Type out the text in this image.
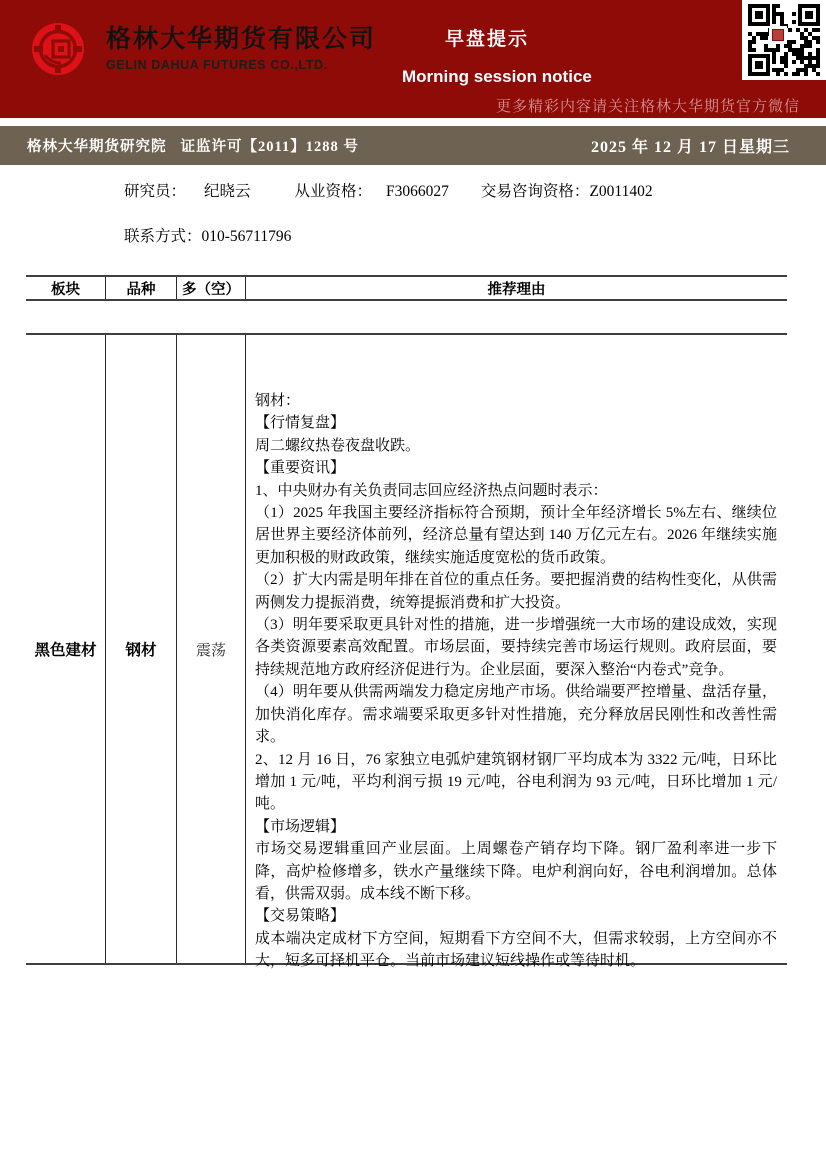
格林大华期货有限公司
GELIN DAHUA FUTURES CO.,LTD.
早盘提示
Morning session notice
更多精彩内容请关注格林大华期货官方微信
格林大华期货研究院 证监许可【2011】1288 号	2025 年 12 月 17 日星期三
研究员： 纪晓云	从业资格： F3066027 交易咨询资格：Z0011402
联系方式：010-56711796
板块	品种	多（空）	推荐理由
黑色建材	钢材	震荡

钢材：

【行情复盘】

周二螺纹热卷夜盘收跌。

【重要资讯】

1、中央财办有关负责同志回应经济热点问题时表示：

（1）2025 年我国主要经济指标符合预期，预计全年经济增长 5%左右、继续位居世界主要经济体前列，经济总量有望达到 140 万亿元左右。2026 年继续实施更加积极的财政政策，继续实施适度宽松的货币政策。

（2）扩大内需是明年排在首位的重点任务。要把握消费的结构性变化，从供需两侧发力提振消费，统筹提振消费和扩大投资。

（3）明年要采取更具针对性的措施，进一步增强统一大市场的建设成效，实现各类资源要素高效配置。市场层面，要持续完善市场运行规则。政府层面，要持续规范地方政府经济促进行为。企业层面，要深入整治“内卷式”竞争。

（4）明年要从供需两端发力稳定房地产市场。供给端要严控增量、盘活存量，加快消化库存。需求端要采取更多针对性措施，充分释放居民刚性和改善性需求。

2、12 月 16 日，76 家独立电弧炉建筑钢材钢厂平均成本为 3322 元/吨，日环比增加 1 元/吨，平均利润亏损 19 元/吨，谷电利润为 93 元/吨，日环比增加 1 元/吨。

【市场逻辑】

市场交易逻辑重回产业层面。上周螺卷产销存均下降。钢厂盈利率进一步下降，高炉检修增多，铁水产量继续下降。电炉利润向好，谷电利润增加。总体看，供需双弱。成本线不断下移。

【交易策略】

成本端决定成材下方空间，短期看下方空间不大，但需求较弱，上方空间亦不大，短多可择机平仓。当前市场建议短线操作或等待时机。
